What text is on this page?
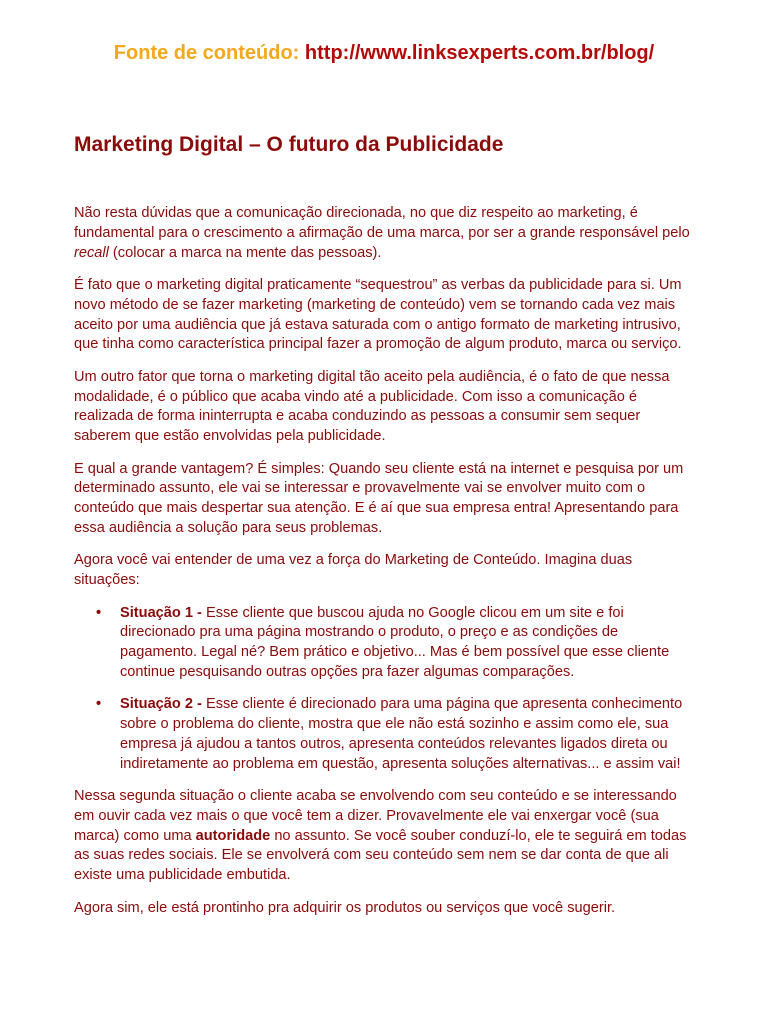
Fonte de conteúdo: http://www.linksexperts.com.br/blog/
Marketing Digital – O futuro da Publicidade

Não resta dúvidas que a comunicação direcionada, no que diz respeito ao marketing, é fundamental para o crescimento a afirmação de uma marca, por ser a grande responsável pelo recall (colocar a marca na mente das pessoas).

É fato que o marketing digital praticamente “sequestrou” as verbas da publicidade para si. Um novo método de se fazer marketing (marketing de conteúdo) vem se tornando cada vez mais aceito por uma audiência que já estava saturada com o antigo formato de marketing intrusivo, que tinha como característica principal fazer a promoção de algum produto, marca ou serviço.

Um outro fator que torna o marketing digital tão aceito pela audiência, é o fato de que nessa modalidade, é o público que acaba vindo até a publicidade. Com isso a comunicação é realizada de forma ininterrupta e acaba conduzindo as pessoas a consumir sem sequer saberem que estão envolvidas pela publicidade.

E qual a grande vantagem? É simples: Quando seu cliente está na internet e pesquisa por um determinado assunto, ele vai se interessar e provavelmente vai se envolver muito com o conteúdo que mais despertar sua atenção. E é aí que sua empresa entra! Apresentando para essa audiência a solução para seus problemas.

Agora você vai entender de uma vez a força do Marketing de Conteúdo. Imagina duas situações:

• Situação 1 - Esse cliente que buscou ajuda no Google clicou em um site e foi direcionado pra uma página mostrando o produto, o preço e as condições de pagamento. Legal né? Bem prático e objetivo... Mas é bem possível que esse cliente continue pesquisando outras opções pra fazer algumas comparações.
• Situação 2 - Esse cliente é direcionado para uma página que apresenta conhecimento sobre o problema do cliente, mostra que ele não está sozinho e assim como ele, sua empresa já ajudou a tantos outros, apresenta conteúdos relevantes ligados direta ou indiretamente ao problema em questão, apresenta soluções alternativas... e assim vai!

Nessa segunda situação o cliente acaba se envolvendo com seu conteúdo e se interessando em ouvir cada vez mais o que você tem a dizer. Provavelmente ele vai enxergar você (sua marca) como uma autoridade no assunto. Se você souber conduzí-lo, ele te seguirá em todas as suas redes sociais. Ele se envolverá com seu conteúdo sem nem se dar conta de que ali existe uma publicidade embutida.

Agora sim, ele está prontinho pra adquirir os produtos ou serviços que você sugerir.
